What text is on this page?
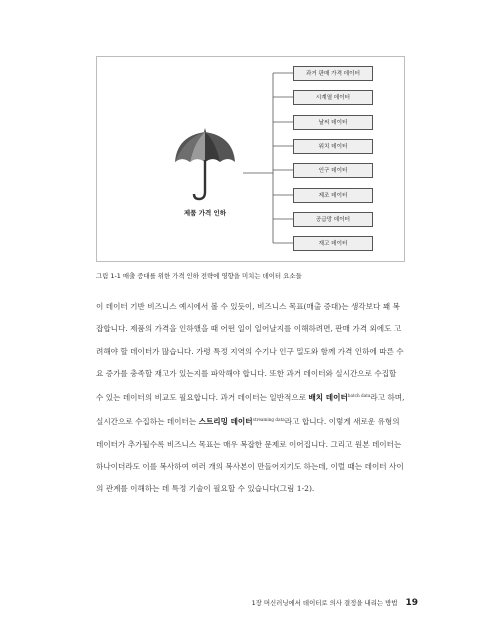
제품 가격 인하
과거 판매 가격 데이터
시계열 데이터
날씨 데이터
위치 데이터
인구 데이터
제조 데이터
공급망 데이터
재고 데이터
그림 1-1 매출 증대를 위한 가격 인하 전략에 영향을 미치는 데이터 요소들
이 데이터 기반 비즈니스 예시에서 볼 수 있듯이, 비즈니스 목표(매출 증대)는 생각보다 꽤 복
잡합니다. 제품의 가격을 인하했을 때 어떤 일이 일어날지를 이해하려면, 판매 가격 외에도 고
려해야 할 데이터가 많습니다. 가령 특정 지역의 수기나 인구 밀도와 함께 가격 인하에 따른 수
요 증가를 충족할 재고가 있는지를 파악해야 합니다. 또한 과거 데이터와 실시간으로 수집할
수 있는 데이터의 비교도 필요합니다. 과거 데이터는 일반적으로 배치 데이터$^{batch data}$라고 하며,
실시간으로 수집하는 데이터는 스트리밍 데이터$^{streaming data}$라고 합니다. 이렇게 새로운 유형의
데이터가 추가될수록 비즈니스 목표는 매우 복잡한 문제로 이어집니다. 그리고 원본 데이터는
하나이더라도 이를 복사하여 여러 개의 복사본이 만들어지기도 하는데, 이럴 때는 데이터 사이
의 관계를 이해하는 데 특정 기술이 필요할 수 있습니다(그림 1-2).
1장 머신러닝에서 데이터로 의사 결정을 내리는 방법 19
